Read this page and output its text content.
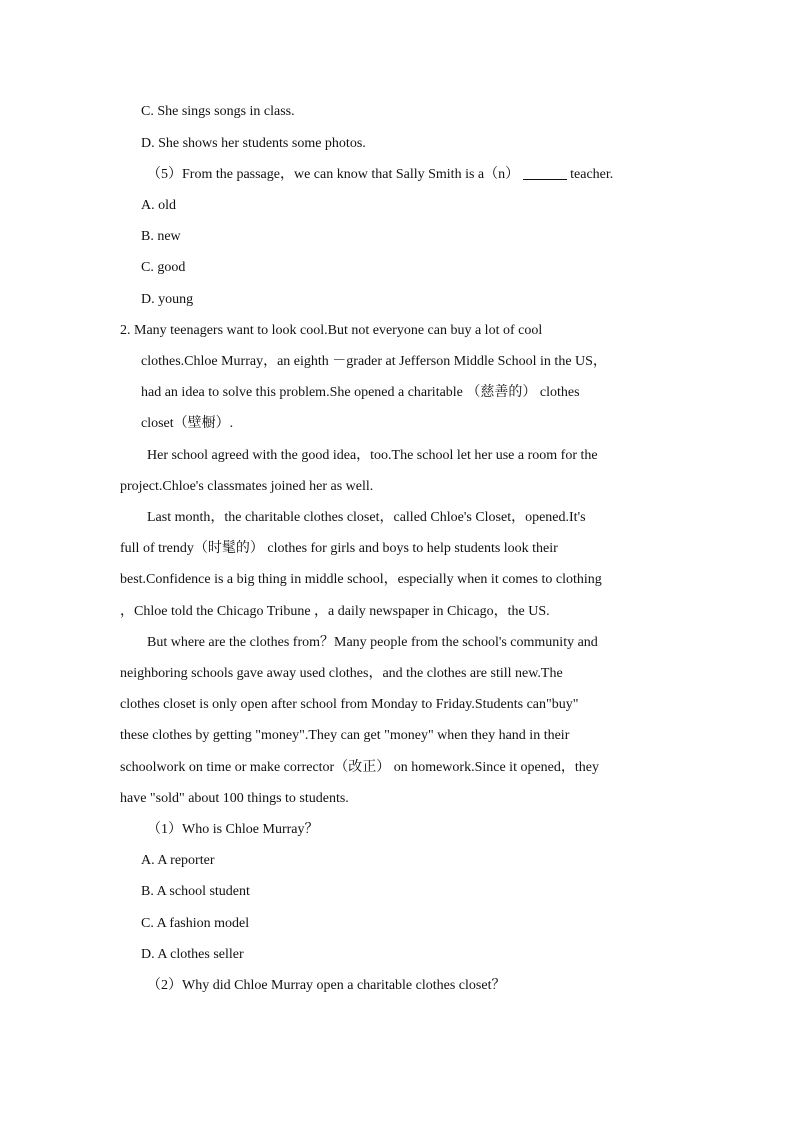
C. She sings songs in class.
D. She shows her students some photos.
（5）From the passage，we can know that Sally Smith is a（n）	teacher.
A. old
B. new
C. good
D. young
2. Many teenagers want to look cool.But not everyone can buy a lot of cool
clothes.Chloe Murray，an eighth －grader at Jefferson Middle School in the US，
had an idea to solve this problem.She opened a charitable （慈善的） clothes
closet（壁橱）.
Her school agreed with the good idea，too.The school let her use a room for the
project.Chloe's classmates joined her as well.
Last month，the charitable clothes closet，called Chloe's Closet，opened.It's
full of trendy（时髦的） clothes for girls and boys to help students look their
best.Confidence is a big thing in middle school，especially when it comes to clothing
，Chloe told the Chicago Tribune ，a daily newspaper in Chicago，the US.
But where are the clothes from？Many people from the school's community and
neighboring schools gave away used clothes，and the clothes are still new.The
clothes closet is only open after school from Monday to Friday.Students can"buy"
these clothes by getting "money".They can get "money" when they hand in their
schoolwork on time or make corrector（改正） on homework.Since it opened，they
have "sold" about 100 things to students.
（1）Who is Chloe Murray？
A. A reporter
B. A school student
C. A fashion model
D. A clothes seller
（2）Why did Chloe Murray open a charitable clothes closet？
